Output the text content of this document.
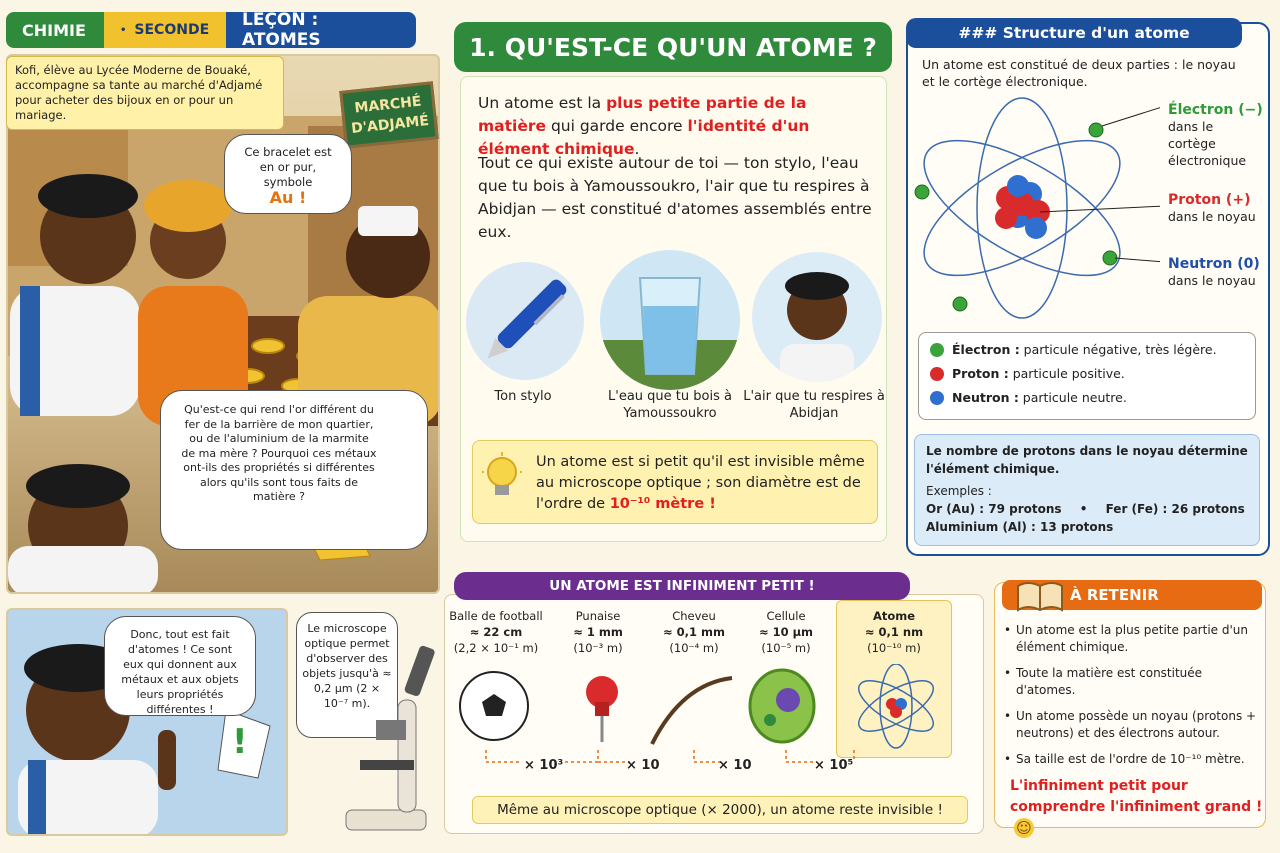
CHIMIE	• SECONDE	LEÇON : ATOMES
Kofi, élève au Lycée Moderne de Bouaké, accompagne sa tante au marché d'Adjamé pour acheter des bijoux en or pour un mariage.	MARCHÉ
D'ADJAMÉ
Ce bracelet est en or pur, symbole
Au !
Qu'est-ce qui rend l'or différent du fer de la barrière de mon quartier, ou de l'aluminium de la marmite de ma mère ? Pourquoi ces métaux ont-ils des propriétés si différentes alors qu'ils sont tous faits de matière ?
Donc, tout est fait d'atomes ! Ce sont eux qui donnent aux métaux et aux objets leurs propriétés différentes !
!
1. QU'EST-CE QU'UN ATOME ?
Un atome est la plus petite partie de la matière qui garde encore l'identité d'un élément chimique.
Tout ce qui existe autour de toi — ton stylo, l'eau que tu bois à Yamoussoukro, l'air que tu respires à Abidjan — est constitué d'atomes assemblés entre eux.
Ton stylo	L'eau que tu bois à Yamoussoukro
L'air que tu respires à Abidjan
Un atome est si petit qu'il est invisible même au microscope optique ; son diamètre est de l'ordre de 10⁻¹⁰ mètre !
### Structure d'un atome
Un atome est constitué de deux parties : le noyau et le cortège électronique.
Électron (−)
dans le cortège électronique
Proton (+)
dans le noyau
Neutron (0)
dans le noyau
Électron : particule négative, très légère.
Proton : particule positive.
Neutron : particule neutre.
Le nombre de protons dans le noyau détermine l'élément chimique.
Exemples :
Or (Au) : 79 protons • Fer (Fe) : 26 protons
Aluminium (Al) : 13 protons
UN ATOME EST INFINIMENT PETIT !
Balle de football
≈ 22 cm
(2,2 × 10⁻¹ m)
Punaise
≈ 1 mm
(10⁻³ m)
Cheveu
≈ 0,1 mm
(10⁻⁴ m)
Cellule
≈ 10 µm
(10⁻⁵ m)
Atome
≈ 0,1 nm
(10⁻¹⁰ m)
× 10³	× 10	× 10	× 10⁵
Le microscope optique permet d'observer des objets jusqu'à ≈ 0,2 µm (2 × 10⁻⁷ m).
Même au microscope optique (× 2000), un atome reste invisible !
À RETENIR
• Un atome est la plus petite partie d'un élément chimique.
• Toute la matière est constituée d'atomes.
• Un atome possède un noyau (protons + neutrons) et des électrons autour.
• Sa taille est de l'ordre de 10⁻¹⁰ mètre.
L'infiniment petit pour comprendre l'infiniment grand ! ☺
